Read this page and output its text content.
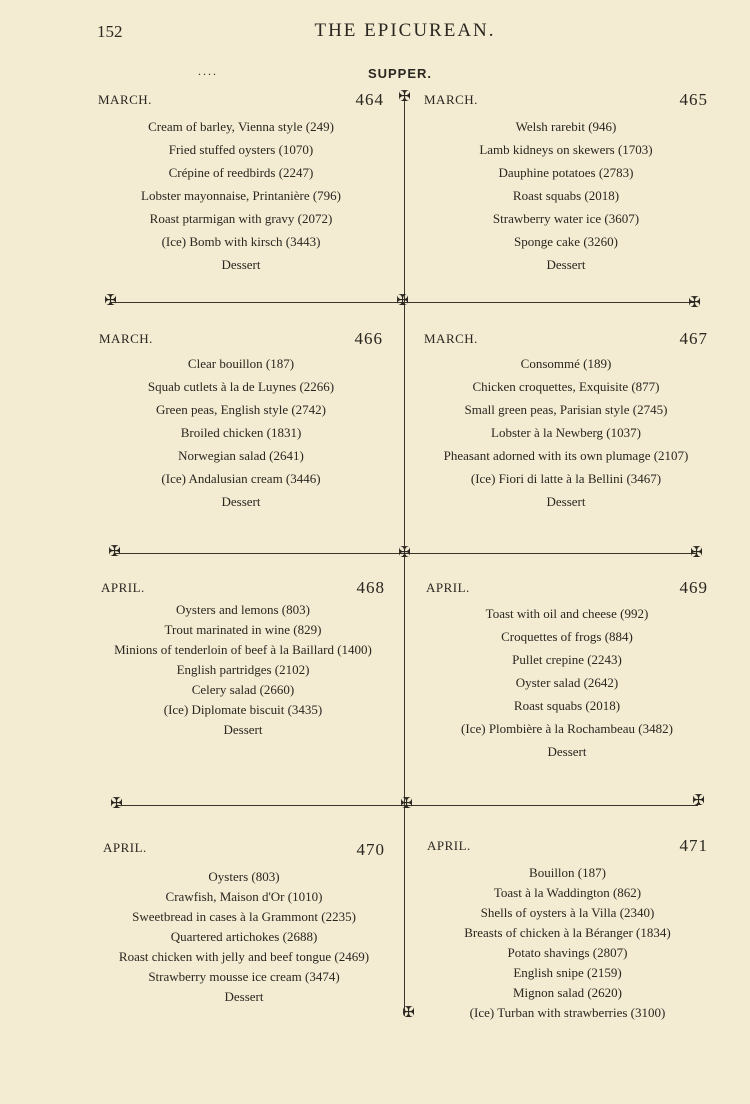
152	THE EPICUREAN.
....	SUPPER.
✠
✠	✠	✠
✠	✠	✠
✠	✠	✠
✠
MARCH.	464
Cream of barley, Vienna style (249)
Fried stuffed oysters (1070)
Crépine of reedbirds (2247)
Lobster mayonnaise, Printanière (796)
Roast ptarmigan with gravy (2072)
(Ice) Bomb with kirsch (3443)
Dessert
MARCH.	465
Welsh rarebit (946)
Lamb kidneys on skewers (1703)
Dauphine potatoes (2783)
Roast squabs (2018)
Strawberry water ice (3607)
Sponge cake (3260)
Dessert
MARCH.	466
Clear bouillon (187)
Squab cutlets à la de Luynes (2266)
Green peas, English style (2742)
Broiled chicken (1831)
Norwegian salad (2641)
(Ice) Andalusian cream (3446)
Dessert
MARCH.	467
Consommé (189)
Chicken croquettes, Exquisite (877)
Small green peas, Parisian style (2745)
Lobster à la Newberg (1037)
Pheasant adorned with its own plumage (2107)
(Ice) Fiori di latte à la Bellini (3467)
Dessert
APRIL.	468
Oysters and lemons (803)
Trout marinated in wine (829)
Minions of tenderloin of beef à la Baillard (1400)
English partridges (2102)
Celery salad (2660)
(Ice) Diplomate biscuit (3435)
Dessert
APRIL.	469
Toast with oil and cheese (992)
Croquettes of frogs (884)
Pullet crepine (2243)
Oyster salad (2642)
Roast squabs (2018)
(Ice) Plombière à la Rochambeau (3482)
Dessert
APRIL.	470
Oysters (803)
Crawfish, Maison d'Or (1010)
Sweetbread in cases à la Grammont (2235)
Quartered artichokes (2688)
Roast chicken with jelly and beef tongue (2469)
Strawberry mousse ice cream (3474)
Dessert
APRIL.	471
Bouillon (187)
Toast à la Waddington (862)
Shells of oysters à la Villa (2340)
Breasts of chicken à la Béranger (1834)
Potato shavings (2807)
English snipe (2159)
Mignon salad (2620)
(Ice) Turban with strawberries (3100)
